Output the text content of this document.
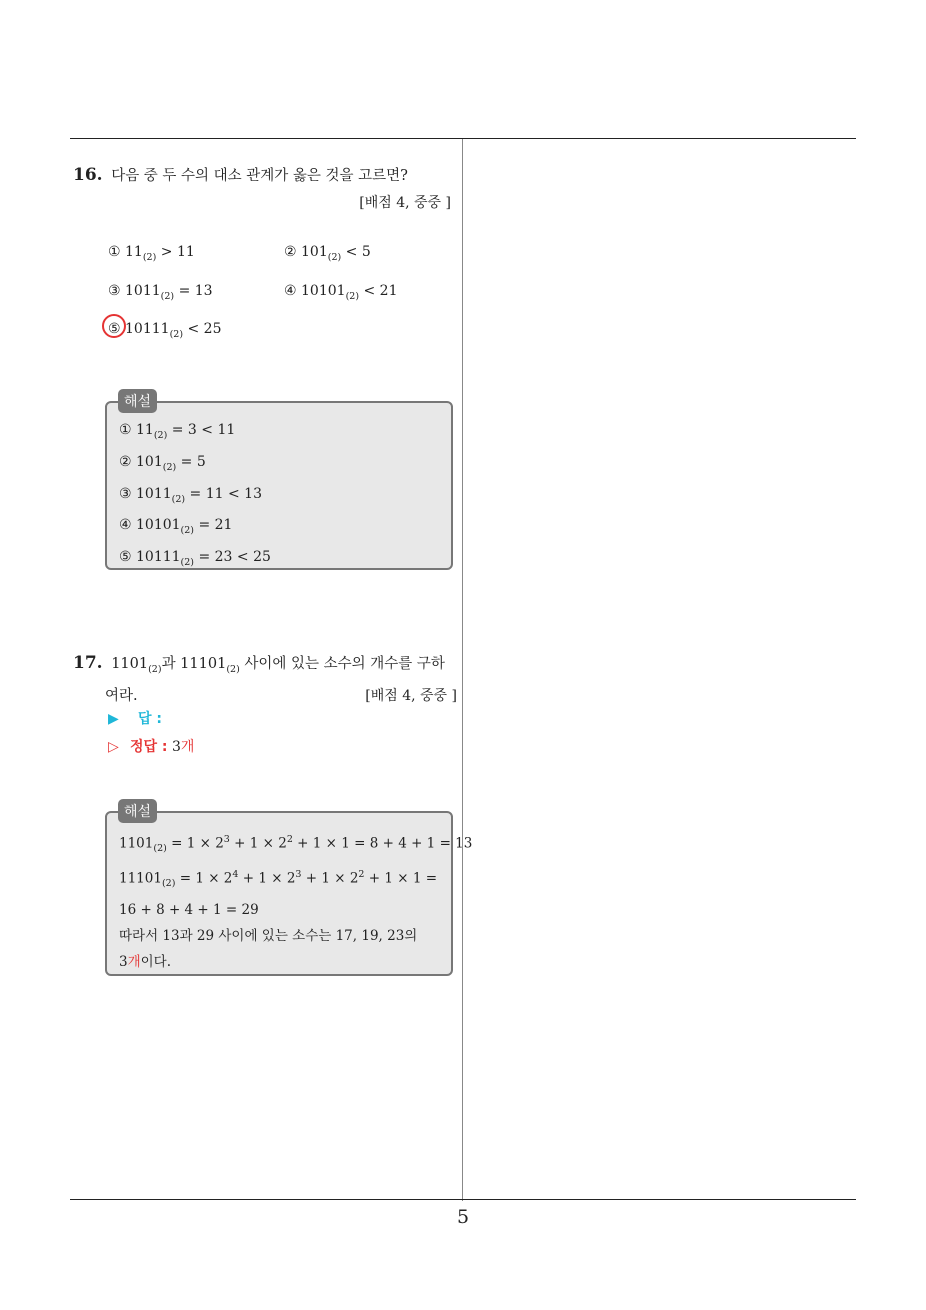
16. 다음 중 두 수의 대소 관계가 옳은 것을 고르면?
[배점 4, 중중 ]
① $11_{(2)} > 11$	② $101_{(2)} < 5$
③ $1011_{(2)} = 13$	④ $10101_{(2)} < 21$
⑤ $10111_{(2)} < 25$
① $11_{(2)} = 3 < 11$
② $101_{(2)} = 5$
③ $1011_{(2)} = 11 < 13$
④ $10101_{(2)} = 21$
⑤ $10111_{(2)} = 23 < 25$
해설
17. $1101_{(2)}$과 $11101_{(2)}$ 사이에 있는 소수의 개수를 구하
여라.	[배점 4, 중중 ]
▶ 답 :
▷ 정답 : 3개
$1101_{(2)} = 1 \times 2^3 + 1 \times 2^2 + 1 \times 1 = 8 + 4 + 1 = 13$
$11101_{(2)} = 1 \times 2^4 + 1 \times 2^3 + 1 \times 2^2 + 1 \times 1$ =
16 + 8 + 4 + 1 = 29
따라서 13과 29 사이에 있는 소수는 17, 19, 23의
3개이다.
해설
5
